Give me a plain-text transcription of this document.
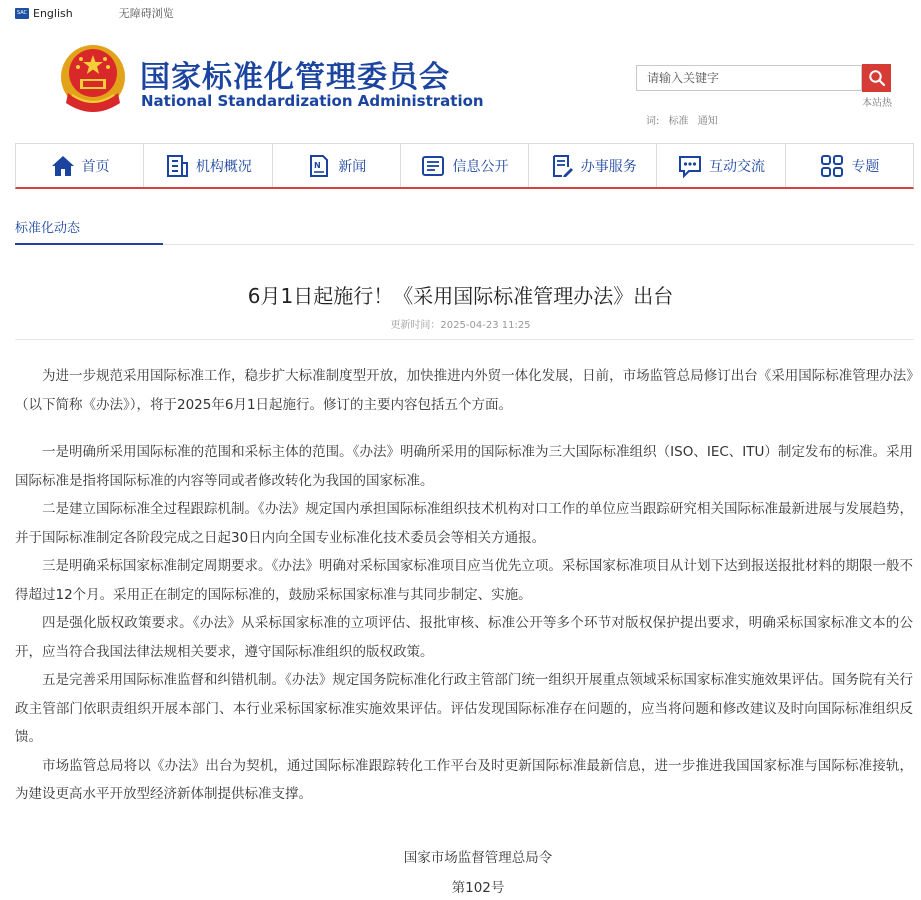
SAC English	无障碍浏览
国家标准化管理委员会
National Standardization Administration
请输入关键字
本站热
词: 标准 通知
首页	机构概况	N 新闻	信息公开	办事服务	互动交流	专题
标准化动态
6月1日起施行！《采用国际标准管理办法》出台
更新时间：2025-04-23 11:25

为进一步规范采用国际标准工作，稳步扩大标准制度型开放，加快推进内外贸一体化发展，日前，市场监管总局修订出台《采用国际标准管理办法》（以下简称《办法》），将于2025年6月1日起施行。修订的主要内容包括五个方面。

一是明确所采用国际标准的范围和采标主体的范围。《办法》明确所采用的国际标准为三大国际标准组织（ISO、IEC、ITU）制定发布的标准。采用国际标准是指将国际标准的内容等同或者修改转化为我国的国家标准。

二是建立国际标准全过程跟踪机制。《办法》规定国内承担国际标准组织技术机构对口工作的单位应当跟踪研究相关国际标准最新进展与发展趋势，并于国际标准制定各阶段完成之日起30日内向全国专业标准化技术委员会等相关方通报。

三是明确采标国家标准制定周期要求。《办法》明确对采标国家标准项目应当优先立项。采标国家标准项目从计划下达到报送报批材料的期限一般不得超过12个月。采用正在制定的国际标准的，鼓励采标国家标准与其同步制定、实施。

四是强化版权政策要求。《办法》从采标国家标准的立项评估、报批审核、标准公开等多个环节对版权保护提出要求，明确采标国家标准文本的公开，应当符合我国法律法规相关要求，遵守国际标准组织的版权政策。

五是完善采用国际标准监督和纠错机制。《办法》规定国务院标准化行政主管部门统一组织开展重点领域采标国家标准实施效果评估。国务院有关行政主管部门依职责组织开展本部门、本行业采标国家标准实施效果评估。评估发现国际标准存在问题的，应当将问题和修改建议及时向国际标准组织反馈。

市场监管总局将以《办法》出台为契机，通过国际标准跟踪转化工作平台及时更新国际标准最新信息，进一步推进我国国家标准与国际标准接轨，为建设更高水平开放型经济新体制提供标准支撑。

国家市场监督管理总局令
第102号
